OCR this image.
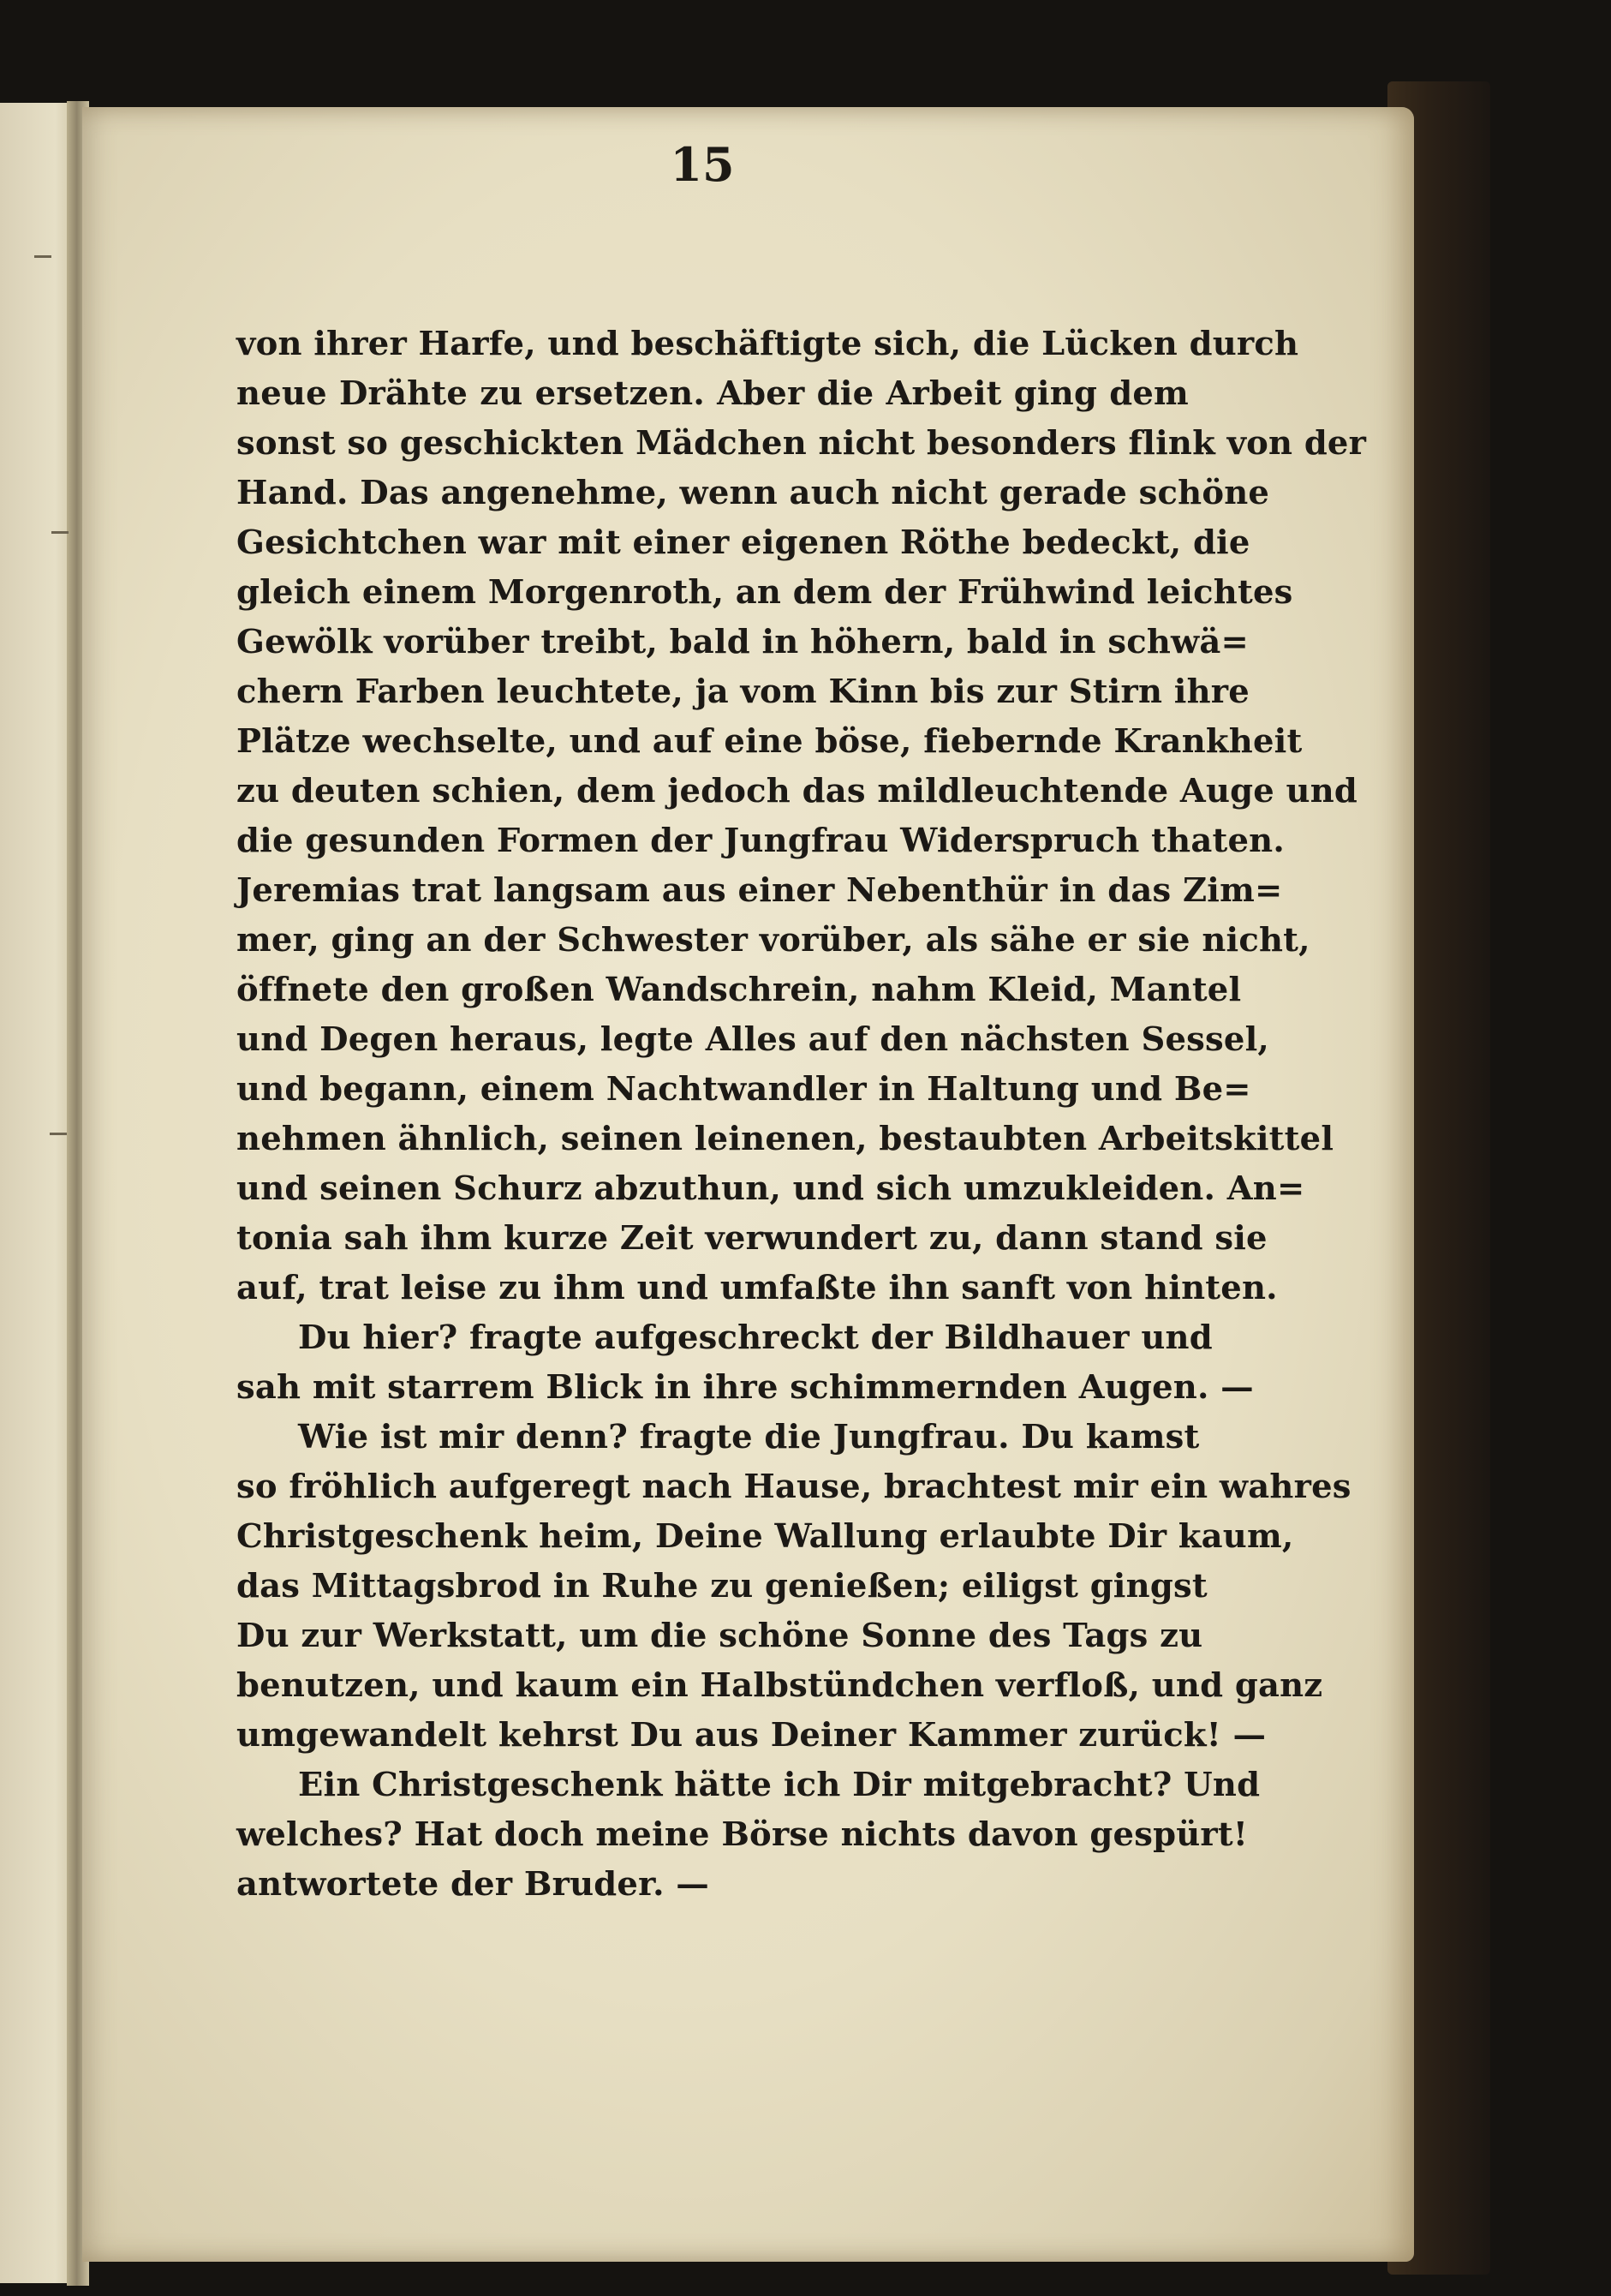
15
von ihrer Harfe, und beschäftigte sich, die Lücken durch
neue Drähte zu ersetzen. Aber die Arbeit ging dem
sonst so geschickten Mädchen nicht besonders flink von der
Hand. Das angenehme, wenn auch nicht gerade schöne
Gesichtchen war mit einer eigenen Röthe bedeckt, die
gleich einem Morgenroth, an dem der Frühwind leichtes
Gewölk vorüber treibt, bald in höhern, bald in schwä=
chern Farben leuchtete, ja vom Kinn bis zur Stirn ihre
Plätze wechselte, und auf eine böse, fiebernde Krankheit
zu deuten schien, dem jedoch das mildleuchtende Auge und
die gesunden Formen der Jungfrau Widerspruch thaten.
Jeremias trat langsam aus einer Nebenthür in das Zim=
mer, ging an der Schwester vorüber, als sähe er sie nicht,
öffnete den großen Wandschrein, nahm Kleid, Mantel
und Degen heraus, legte Alles auf den nächsten Sessel,
und begann, einem Nachtwandler in Haltung und Be=
nehmen ähnlich, seinen leinenen, bestaubten Arbeitskittel
und seinen Schurz abzuthun, und sich umzukleiden. An=
tonia sah ihm kurze Zeit verwundert zu, dann stand sie
auf, trat leise zu ihm und umfaßte ihn sanft von hinten.
Du hier? fragte aufgeschreckt der Bildhauer und
sah mit starrem Blick in ihre schimmernden Augen. —
Wie ist mir denn? fragte die Jungfrau. Du kamst
so fröhlich aufgeregt nach Hause, brachtest mir ein wahres
Christgeschenk heim, Deine Wallung erlaubte Dir kaum,
das Mittagsbrod in Ruhe zu genießen; eiligst gingst
Du zur Werkstatt, um die schöne Sonne des Tags zu
benutzen, und kaum ein Halbstündchen verfloß, und ganz
umgewandelt kehrst Du aus Deiner Kammer zurück! —
Ein Christgeschenk hätte ich Dir mitgebracht? Und
welches? Hat doch meine Börse nichts davon gespürt!
antwortete der Bruder. —
